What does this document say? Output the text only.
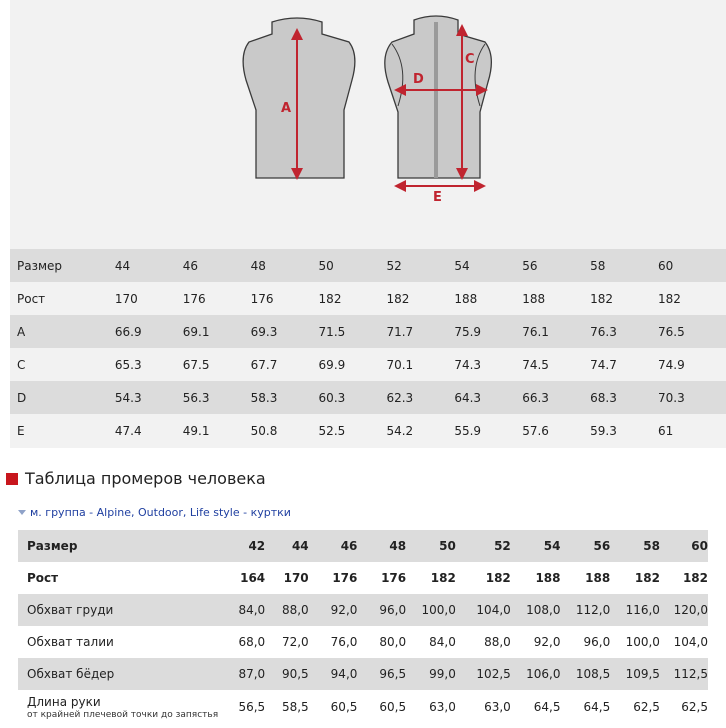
A
C
D
E
Размер	44	46	48	50	52	54	56	58	60
Рост	170	176	176	182	182	188	188	182	182
A	66.9	69.1	69.3	71.5	71.7	75.9	76.1	76.3	76.5
C	65.3	67.5	67.7	69.9	70.1	74.3	74.5	74.7	74.9
D	54.3	56.3	58.3	60.3	62.3	64.3	66.3	68.3	70.3
E	47.4	49.1	50.8	52.5	54.2	55.9	57.6	59.3	61
Таблица промеров человека
м. группа - Alpine, Outdoor, Life style - куртки
Размер	42	44	46	48	50	52	54	56	58	60
Рост	164	170	176	176	182	182	188	188	182	182
Обхват груди	84,0	88,0	92,0	96,0	100,0	104,0	108,0	112,0	116,0	120,0
Обхват талии	68,0	72,0	76,0	80,0	84,0	88,0	92,0	96,0	100,0	104,0
Обхват бёдер	87,0	90,5	94,0	96,5	99,0	102,5	106,0	108,5	109,5	112,5
Длина руки
от крайней плечевой точки до запястья	56,5	58,5	60,5	60,5	63,0	63,0	64,5	64,5	62,5	62,5
